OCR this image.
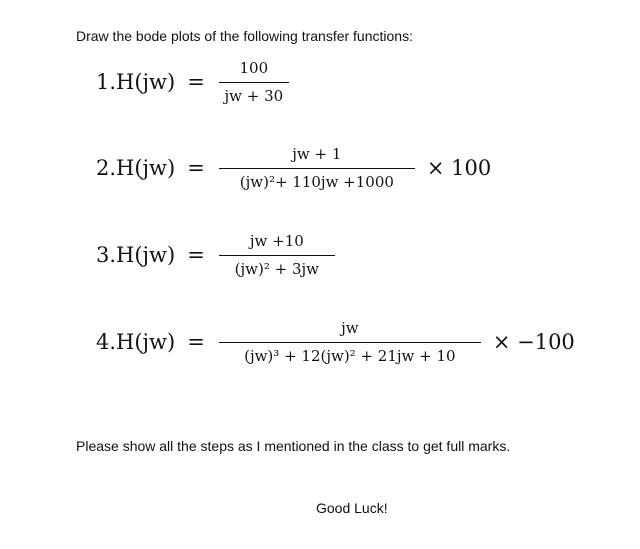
Draw the bode plots of the following transfer functions:
$1.H(jw) = \frac{100}{jw + 30}$
$2.H(jw) = \frac{jw + 1}{\text{(jw)²+ 110jw +1000}} \times 100$
$3.H(jw) = \frac{jw +10}{\text{(jw)² + 3jw}}$
$4.H(jw) = \frac{jw}{\text{(jw)³ + 12(jw)² + 21jw + 10}} \times -100$
Please show all the steps as I mentioned in the class to get full marks.
Good Luck!
